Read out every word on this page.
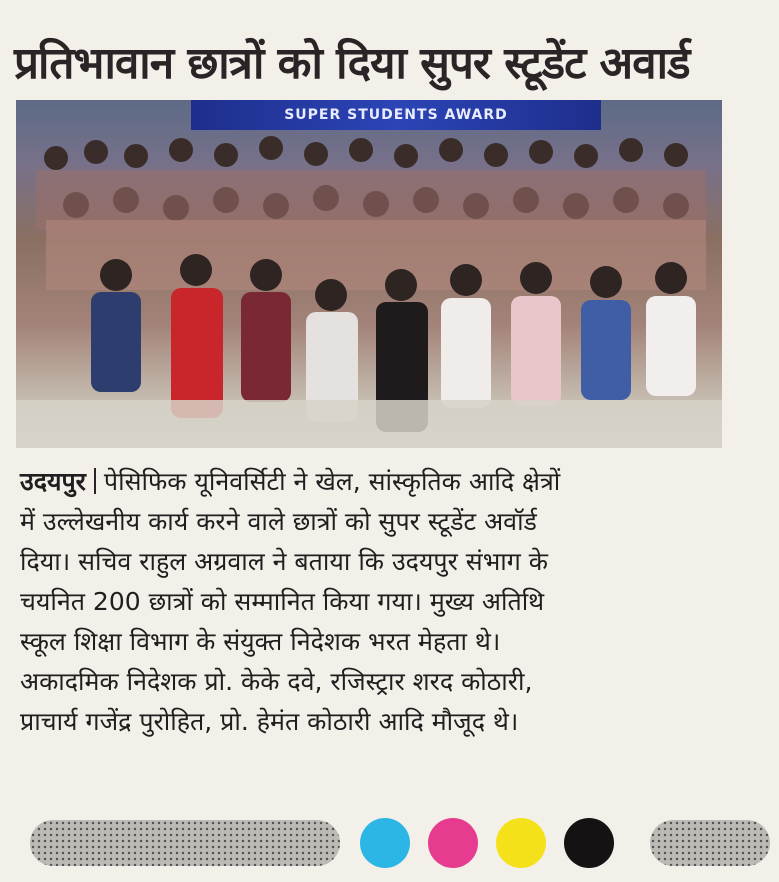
प्रतिभावान छात्रों को दिया सुपर स्टूडेंट अवार्ड
SUPER STUDENTS AWARD
उदयपुर पेसिफिक यूनिवर्सिटी ने खेल, सांस्कृतिक आदि क्षेत्रों
में उल्लेखनीय कार्य करने वाले छात्रों को सुपर स्टूडेंट अवॉर्ड
दिया। सचिव राहुल अग्रवाल ने बताया कि उदयपुर संभाग के
चयनित 200 छात्रों को सम्मानित किया गया। मुख्य अतिथि
स्कूल शिक्षा विभाग के संयुक्त निदेशक भरत मेहता थे।
अकादमिक निदेशक प्रो. केके दवे, रजिस्ट्रार शरद कोठारी,
प्राचार्य गजेंद्र पुरोहित, प्रो. हेमंत कोठारी आदि मौजूद थे।
